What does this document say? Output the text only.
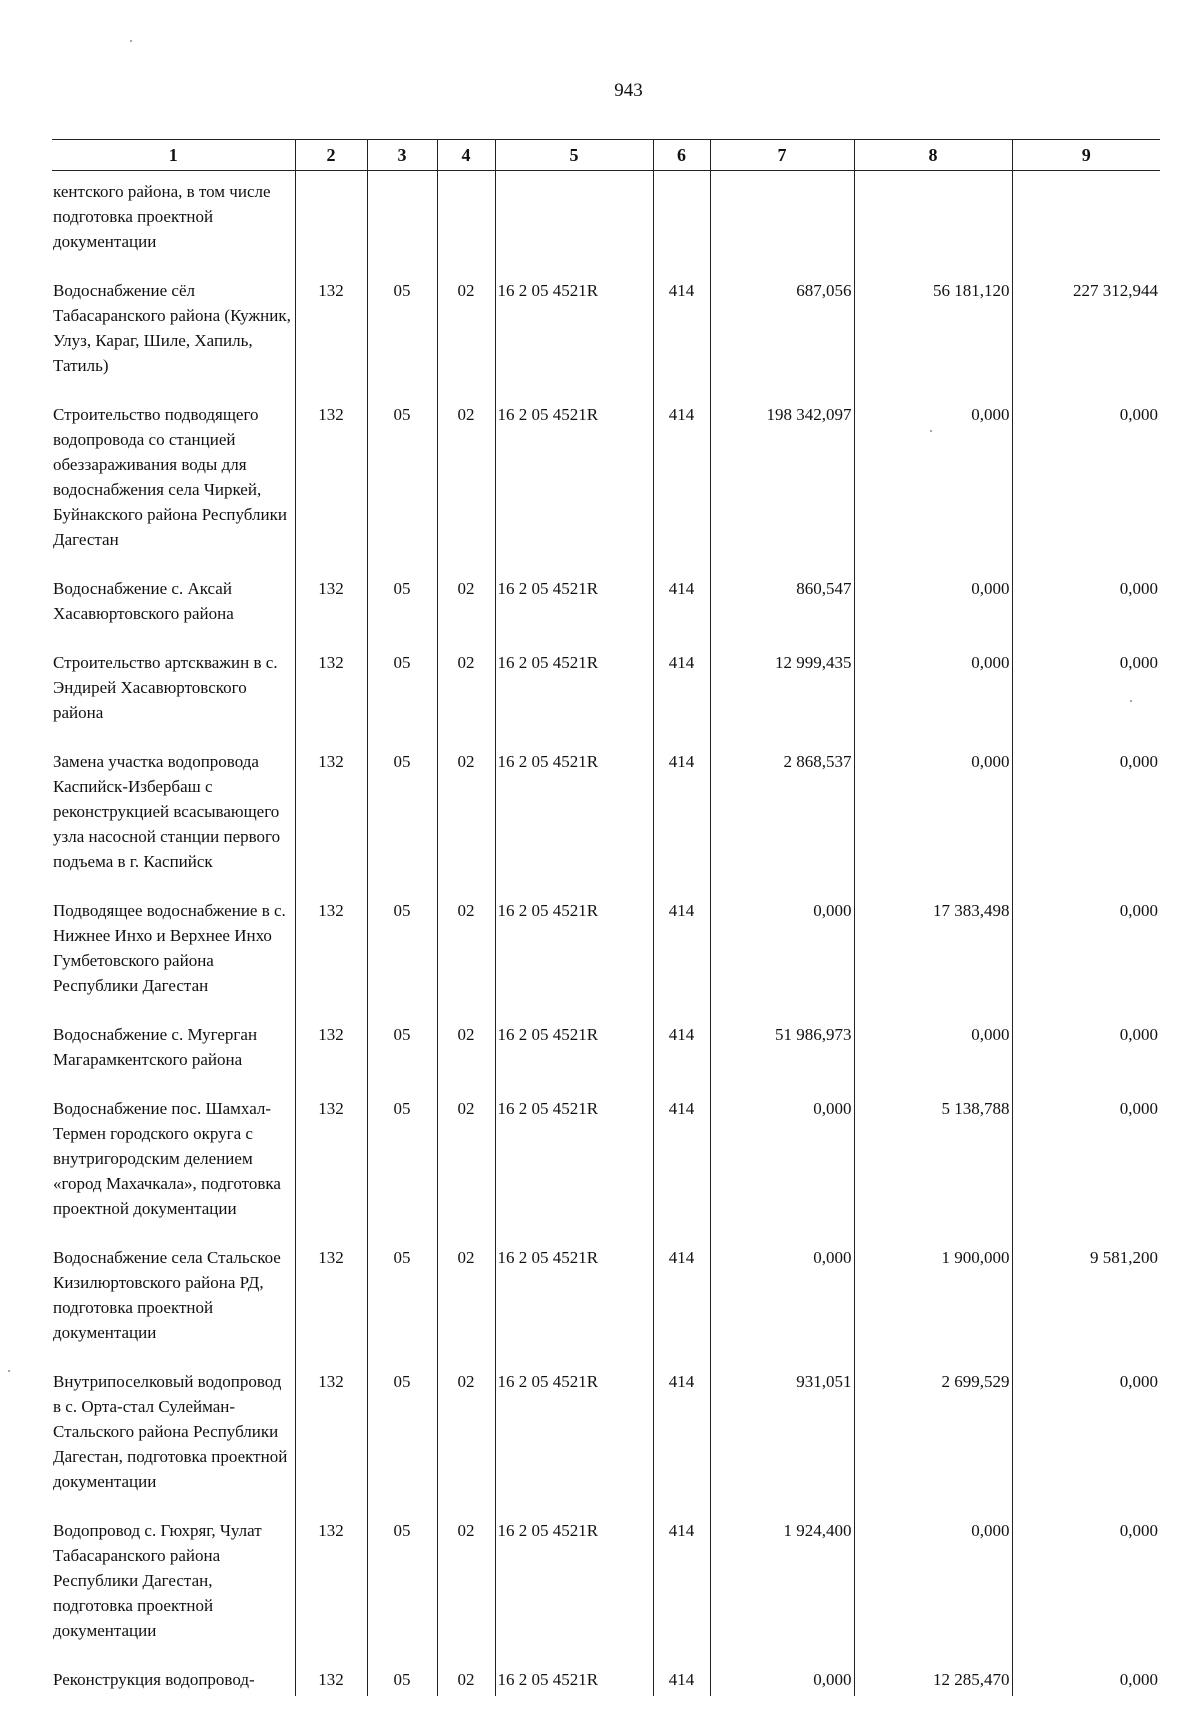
943
1	2	3	4	5	6	7	8	9
кентского района, в том числе подготовка проектной документации								
Водоснабжение сёл Табасаранского района (Кужник, Улуз, Караг, Шиле, Хапиль, Татиль)	132	05	02	16 2 05 4521R	414	687,056	56 181,120	227 312,944
Строительство подводящего водопровода со станцией обеззараживания воды для водоснабжения села Чиркей, Буйнакского района Республики Дагестан	132	05	02	16 2 05 4521R	414	198 342,097	0,000	0,000
Водоснабжение с. Аксай Хасавюртовского района	132	05	02	16 2 05 4521R	414	860,547	0,000	0,000
Строительство артскважин в с. Эндирей Хасавюртовского района	132	05	02	16 2 05 4521R	414	12 999,435	0,000	0,000
Замена участка водопровода Каспийск-Избербаш с реконструкцией всасывающего узла насосной станции первого подъема в г. Каспийск	132	05	02	16 2 05 4521R	414	2 868,537	0,000	0,000
Подводящее водоснабжение в с. Нижнее Инхо и Верхнее Инхо Гумбетовского района Республики Дагестан	132	05	02	16 2 05 4521R	414	0,000	17 383,498	0,000
Водоснабжение с. Мугерган Магарамкентского района	132	05	02	16 2 05 4521R	414	51 986,973	0,000	0,000
Водоснабжение пос. Шамхал-Термен городского округа с внутригородским делением «город Махачкала», подготовка проектной документации	132	05	02	16 2 05 4521R	414	0,000	5 138,788	0,000
Водоснабжение села Стальское Кизилюртовского района РД, подготовка проектной документации	132	05	02	16 2 05 4521R	414	0,000	1 900,000	9 581,200
Внутрипоселковый водопровод в с. Орта-стал Сулейман-Стальского района Республики Дагестан, подготовка проектной документации	132	05	02	16 2 05 4521R	414	931,051	2 699,529	0,000
Водопровод с. Гюхряг, Чулат Табасаранского района Республики Дагестан, подготовка проектной документации	132	05	02	16 2 05 4521R	414	1 924,400	0,000	0,000
Реконструкция водопровод-	132	05	02	16 2 05 4521R	414	0,000	12 285,470	0,000
